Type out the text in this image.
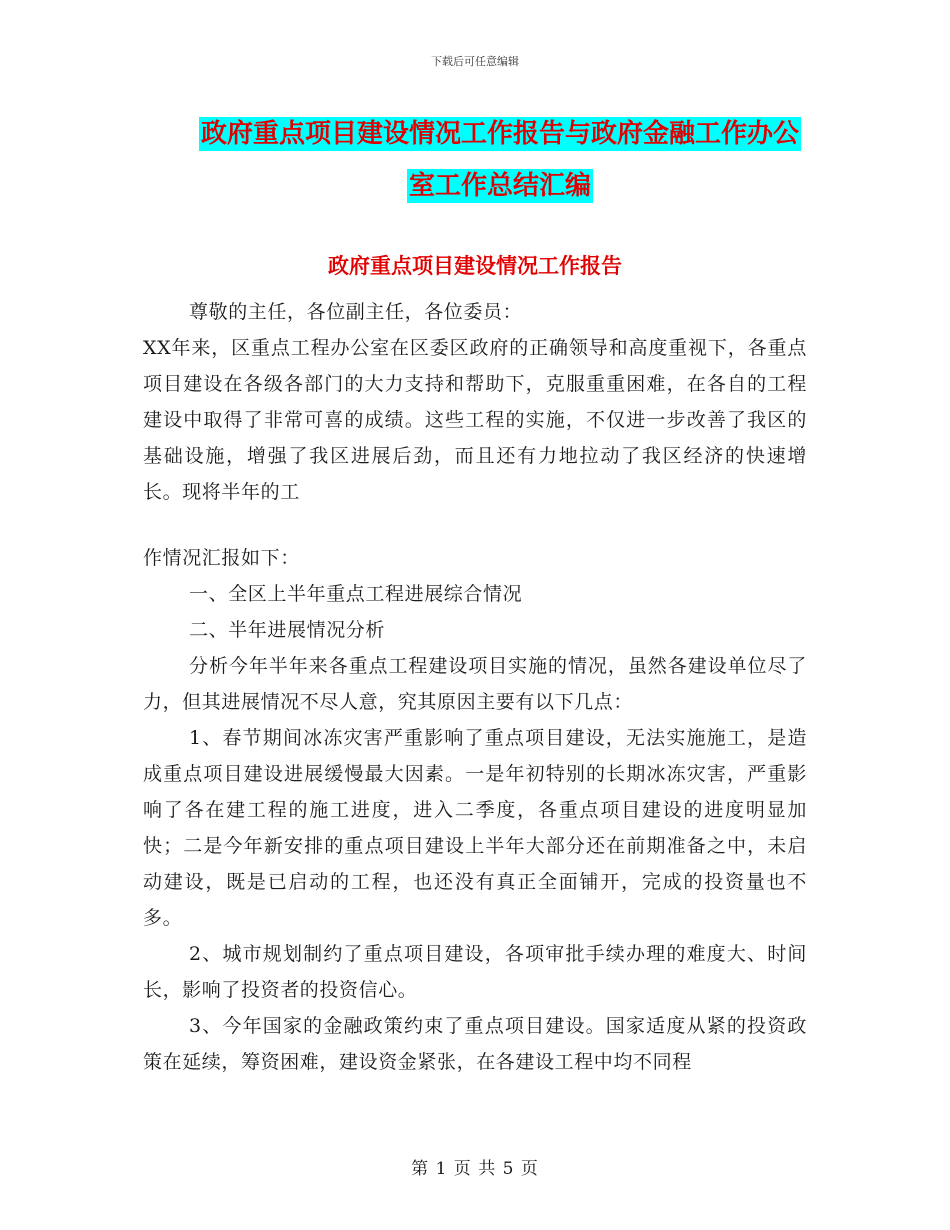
下载后可任意编辑
政府重点项目建设情况工作报告与政府金融工作办公
室工作总结汇编
政府重点项目建设情况工作报告

尊敬的主任，各位副主任，各位委员：

XX年来，区重点工程办公室在区委区政府的正确领导和高度重视下，各重点项目建设在各级各部门的大力支持和帮助下，克服重重困难，在各自的工程建设中取得了非常可喜的成绩。这些工程的实施，不仅进一步改善了我区的基础设施，增强了我区进展后劲，而且还有力地拉动了我区经济的快速增长。现将半年的工

作情况汇报如下：

一、全区上半年重点工程进展综合情况

二、半年进展情况分析

分析今年半年来各重点工程建设项目实施的情况，虽然各建设单位尽了力，但其进展情况不尽人意，究其原因主要有以下几点：

1、春节期间冰冻灾害严重影响了重点项目建设，无法实施施工，是造成重点项目建设进展缓慢最大因素。一是年初特别的长期冰冻灾害，严重影响了各在建工程的施工进度，进入二季度，各重点项目建设的进度明显加快；二是今年新安排的重点项目建设上半年大部分还在前期准备之中，未启动建设，既是已启动的工程，也还没有真正全面铺开，完成的投资量也不多。

2、城市规划制约了重点项目建设，各项审批手续办理的难度大、时间长，影响了投资者的投资信心。

3、今年国家的金融政策约束了重点项目建设。国家适度从紧的投资政策在延续，筹资困难，建设资金紧张，在各建设工程中均不同程

第 1 页 共 5 页
